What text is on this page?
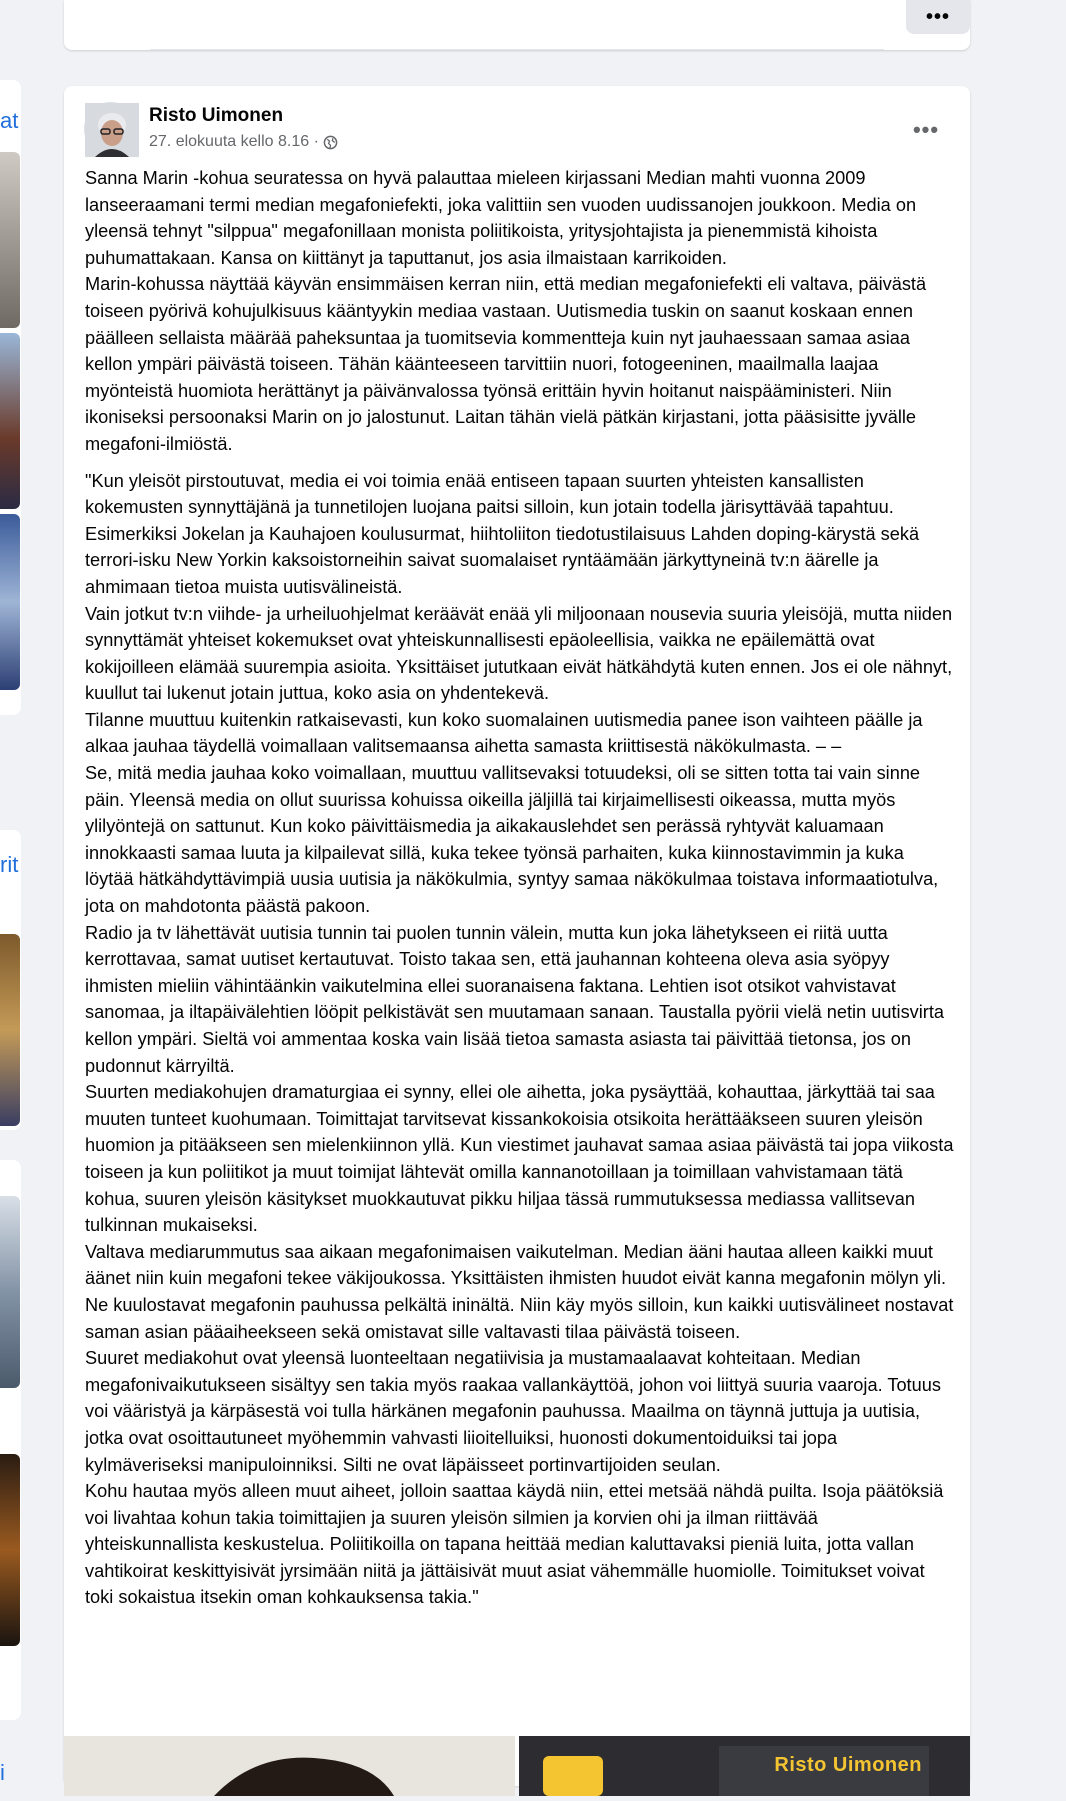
at
rit
i
•••
Risto Uimonen
27. elokuuta kello 8.16 ·	•••

Sanna Marin -kohua seuratessa on hyvä palauttaa mieleen kirjassani Median mahti vuonna 2009 lanseeraamani termi median megafoniefekti, joka valittiin sen vuoden uudissanojen joukkoon. Media on yleensä tehnyt "silppua" megafonillaan monista poliitikoista, yritysjohtajista ja pienemmistä kihoista puhumattakaan. Kansa on kiittänyt ja taputtanut, jos asia ilmaistaan karrikoiden.

Marin-kohussa näyttää käyvän ensimmäisen kerran niin, että median megafoniefekti eli valtava, päivästä toiseen pyörivä kohujulkisuus kääntyykin mediaa vastaan. Uutismedia tuskin on saanut koskaan ennen päälleen sellaista määrää paheksuntaa ja tuomitsevia kommentteja kuin nyt jauhaessaan samaa asiaa kellon ympäri päivästä toiseen. Tähän käänteeseen tarvittiin nuori, fotogeeninen, maailmalla laajaa myönteistä huomiota herättänyt ja päivänvalossa työnsä erittäin hyvin hoitanut naispääministeri. Niin ikoniseksi persoonaksi Marin on jo jalostunut. Laitan tähän vielä pätkän kirjastani, jotta pääsisitte jyvälle megafoni-ilmiöstä.

"Kun yleisöt pirstoutuvat, media ei voi toimia enää entiseen tapaan suurten yhteisten kansallisten kokemusten synnyttäjänä ja tunnetilojen luojana paitsi silloin, kun jotain todella järisyttävää tapahtuu. Esimerkiksi Jokelan ja Kauhajoen koulusurmat, hiihtoliiton tiedotustilaisuus Lahden doping-kärystä sekä terrori-isku New Yorkin kaksoistorneihin saivat suomalaiset ryntäämään järkyttyneinä tv:n äärelle ja ahmimaan tietoa muista uutisvälineistä.

Vain jotkut tv:n viihde- ja urheiluohjelmat keräävät enää yli miljoonaan nousevia suuria yleisöjä, mutta niiden synnyttämät yhteiset kokemukset ovat yhteiskunnallisesti epäoleellisia, vaikka ne epäilemättä ovat kokijoilleen elämää suurempia asioita. Yksittäiset jututkaan eivät hätkähdytä kuten ennen. Jos ei ole nähnyt, kuullut tai lukenut jotain juttua, koko asia on yhdentekevä.

Tilanne muuttuu kuitenkin ratkaisevasti, kun koko suomalainen uutismedia panee ison vaihteen päälle ja alkaa jauhaa täydellä voimallaan valitsemaansa aihetta samasta kriittisestä näkökulmasta. – –

Se, mitä media jauhaa koko voimallaan, muuttuu vallitsevaksi totuudeksi, oli se sitten totta tai vain sinne päin. Yleensä media on ollut suurissa kohuissa oikeilla jäljillä tai kirjaimellisesti oikeassa, mutta myös ylilyöntejä on sattunut. Kun koko päivittäismedia ja aikakauslehdet sen perässä ryhtyvät kaluamaan innokkaasti samaa luuta ja kilpailevat sillä, kuka tekee työnsä parhaiten, kuka kiinnostavimmin ja kuka löytää hätkähdyttävimpiä uusia uutisia ja näkökulmia, syntyy samaa näkökulmaa toistava informaatiotulva, jota on mahdotonta päästä pakoon.

Radio ja tv lähettävät uutisia tunnin tai puolen tunnin välein, mutta kun joka lähetykseen ei riitä uutta kerrottavaa, samat uutiset kertautuvat. Toisto takaa sen, että jauhannan kohteena oleva asia syöpyy ihmisten mieliin vähintäänkin vaikutelmina ellei suoranaisena faktana. Lehtien isot otsikot vahvistavat sanomaa, ja iltapäivälehtien lööpit pelkistävät sen muutamaan sanaan. Taustalla pyörii vielä netin uutisvirta kellon ympäri. Sieltä voi ammentaa koska vain lisää tietoa samasta asiasta tai päivittää tietonsa, jos on pudonnut kärryiltä.

Suurten mediakohujen dramaturgiaa ei synny, ellei ole aihetta, joka pysäyttää, kohauttaa, järkyttää tai saa muuten tunteet kuohumaan. Toimittajat tarvitsevat kissankokoisia otsikoita herättääkseen suuren yleisön huomion ja pitääkseen sen mielenkiinnon yllä. Kun viestimet jauhavat samaa asiaa päivästä tai jopa viikosta toiseen ja kun poliitikot ja muut toimijat lähtevät omilla kannanotoillaan ja toimillaan vahvistamaan tätä kohua, suuren yleisön käsitykset muokkautuvat pikku hiljaa tässä rummutuksessa mediassa vallitsevan tulkinnan mukaiseksi.

Valtava mediarummutus saa aikaan megafonimaisen vaikutelman. Median ääni hautaa alleen kaikki muut äänet niin kuin megafoni tekee väkijoukossa. Yksittäisten ihmisten huudot eivät kanna megafonin mölyn yli. Ne kuulostavat megafonin pauhussa pelkältä ininältä. Niin käy myös silloin, kun kaikki uutisvälineet nostavat saman asian pääaiheekseen sekä omistavat sille valtavasti tilaa päivästä toiseen.

Suuret mediakohut ovat yleensä luonteeltaan negatiivisia ja mustamaalaavat kohteitaan. Median megafonivaikutukseen sisältyy sen takia myös raakaa vallankäyttöä, johon voi liittyä suuria vaaroja. Totuus voi vääristyä ja kärpäsestä voi tulla härkänen megafonin pauhussa. Maailma on täynnä juttuja ja uutisia, jotka ovat osoittautuneet myöhemmin vahvasti liioitelluiksi, huonosti dokumentoiduiksi tai jopa kylmäveriseksi manipuloinniksi. Silti ne ovat läpäisseet portinvartijoiden seulan.

Kohu hautaa myös alleen muut aiheet, jolloin saattaa käydä niin, ettei metsää nähdä puilta. Isoja päätöksiä voi livahtaa kohun takia toimittajien ja suuren yleisön silmien ja korvien ohi ja ilman riittävää yhteiskunnallista keskustelua. Poliitikoilla on tapana heittää median kaluttavaksi pieniä luita, jotta vallan vahtikoirat keskittyisivät jyrsimään niitä ja jättäisivät muut asiat vähemmälle huomiolle. Toimitukset voivat toki sokaistua itsekin oman kohkauksensa takia."

Risto Uimonen
